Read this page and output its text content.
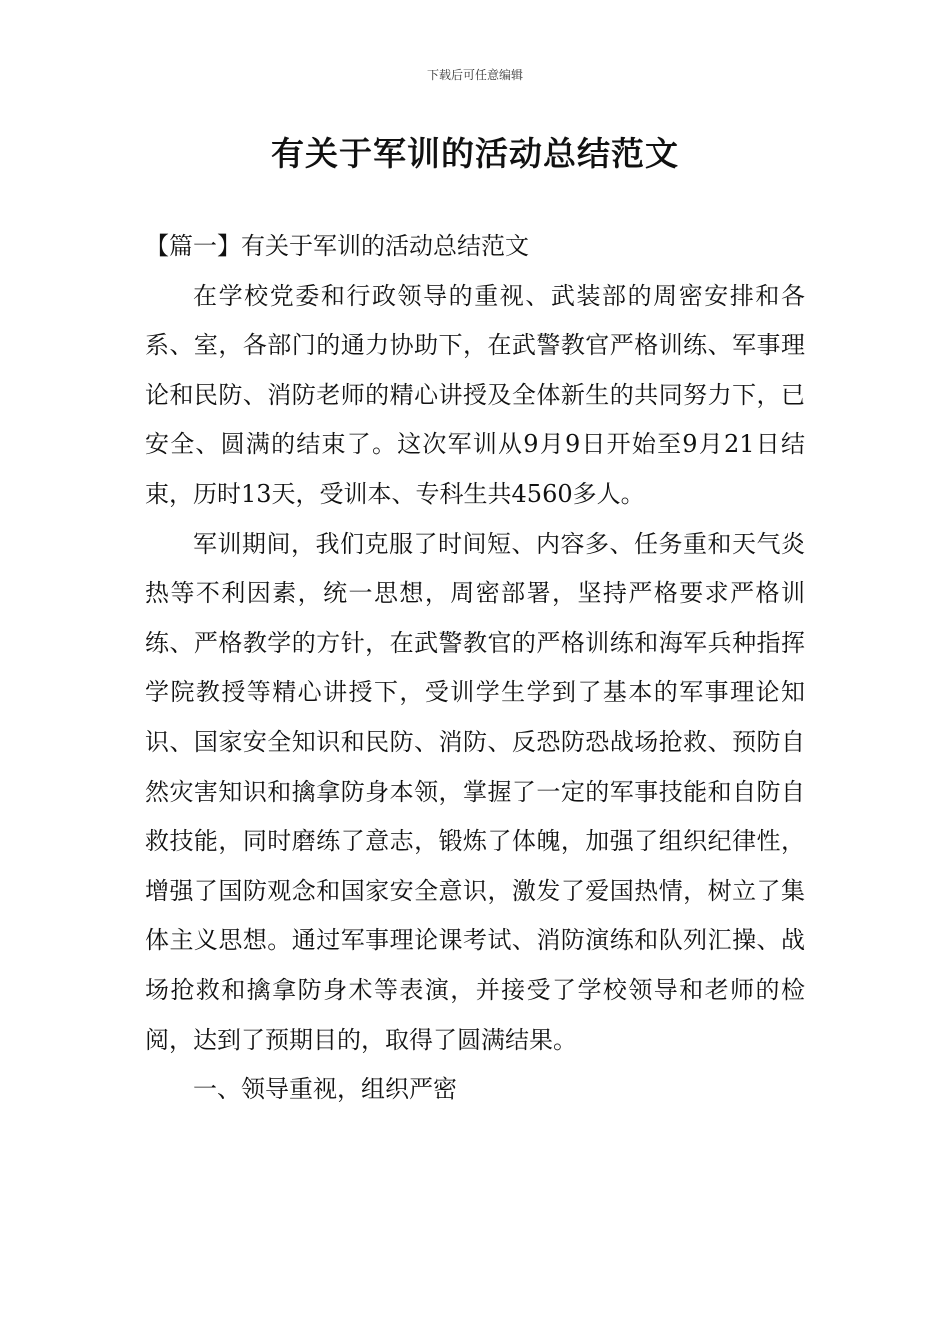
下载后可任意编辑
有关于军训的活动总结范文

【篇一】有关于军训的活动总结范文

在学校党委和行政领导的重视、武装部的周密安排和各系、室，各部门的通力协助下，在武警教官严格训练、军事理论和民防、消防老师的精心讲授及全体新生的共同努力下，已安全、圆满的结束了。这次军训从9月9日开始至9月21日结束，历时13天，受训本、专科生共4560多人。

军训期间，我们克服了时间短、内容多、任务重和天气炎热等不利因素，统一思想，周密部署，坚持严格要求严格训练、严格教学的方针，在武警教官的严格训练和海军兵种指挥学院教授等精心讲授下，受训学生学到了基本的军事理论知识、国家安全知识和民防、消防、反恐防恐战场抢救、预防自然灾害知识和擒拿防身本领，掌握了一定的军事技能和自防自救技能，同时磨练了意志，锻炼了体魄，加强了组织纪律性，增强了国防观念和国家安全意识，激发了爱国热情，树立了集体主义思想。通过军事理论课考试、消防演练和队列汇操、战场抢救和擒拿防身术等表演，并接受了学校领导和老师的检阅，达到了预期目的，取得了圆满结果。

一、领导重视，组织严密
